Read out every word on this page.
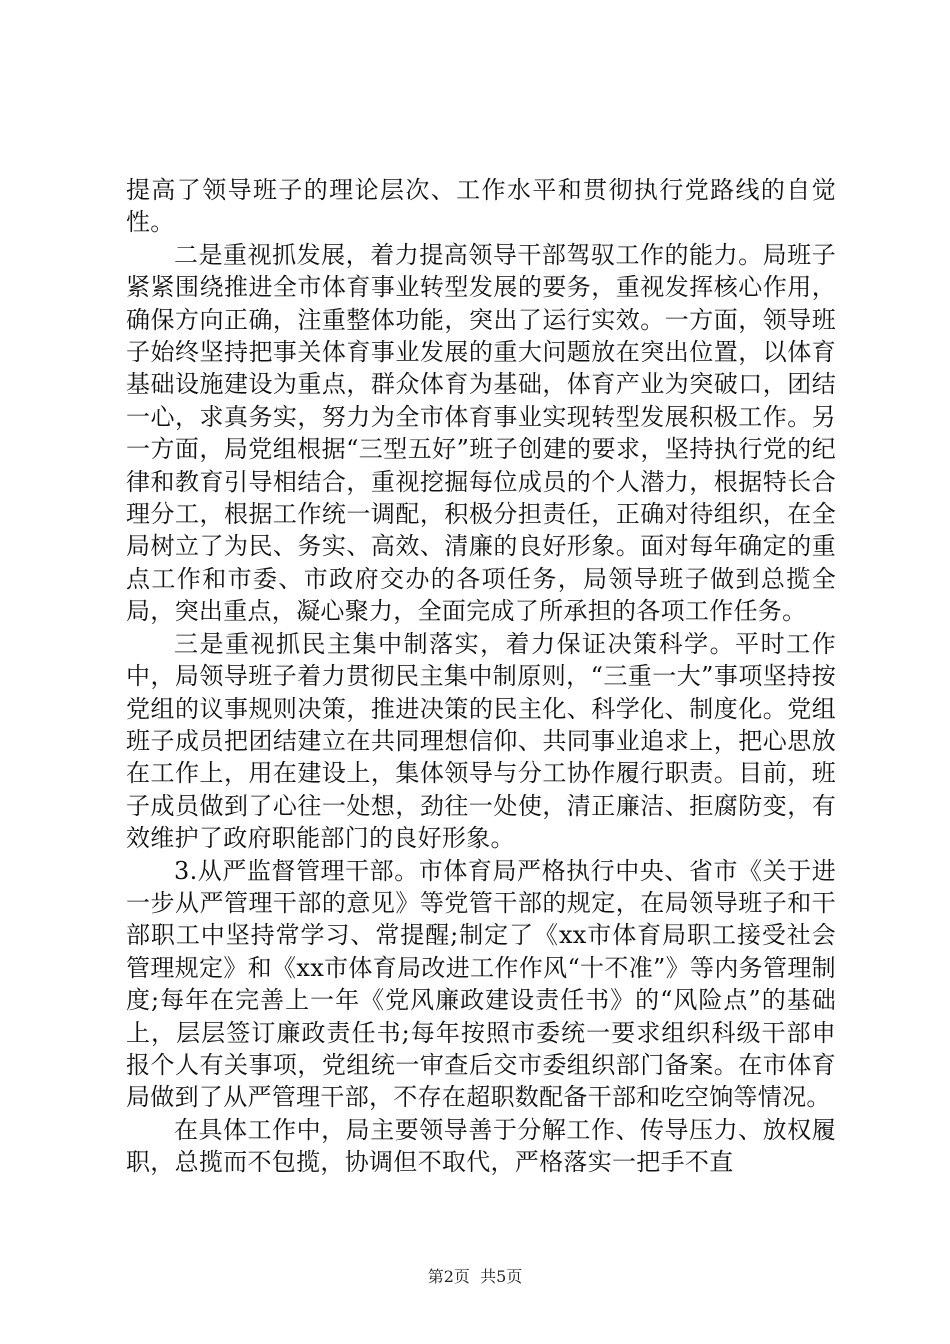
提高了领导班子的理论层次、工作水平和贯彻执行党路线的自觉性。

二是重视抓发展，着力提高领导干部驾驭工作的能力。局班子紧紧围绕推进全市体育事业转型发展的要务，重视发挥核心作用，确保方向正确，注重整体功能，突出了运行实效。一方面，领导班子始终坚持把事关体育事业发展的重大问题放在突出位置，以体育基础设施建设为重点，群众体育为基础，体育产业为突破口，团结一心，求真务实，努力为全市体育事业实现转型发展积极工作。另一方面，局党组根据“三型五好”班子创建的要求，坚持执行党的纪律和教育引导相结合，重视挖掘每位成员的个人潜力，根据特长合理分工，根据工作统一调配，积极分担责任，正确对待组织，在全局树立了为民、务实、高效、清廉的良好形象。面对每年确定的重点工作和市委、市政府交办的各项任务，局领导班子做到总揽全局，突出重点，凝心聚力，全面完成了所承担的各项工作任务。

三是重视抓民主集中制落实，着力保证决策科学。平时工作中，局领导班子着力贯彻民主集中制原则，“三重一大”事项坚持按党组的议事规则决策，推进决策的民主化、科学化、制度化。党组班子成员把团结建立在共同理想信仰、共同事业追求上，把心思放在工作上，用在建设上，集体领导与分工协作履行职责。目前，班子成员做到了心往一处想，劲往一处使，清正廉洁、拒腐防变，有效维护了政府职能部门的良好形象。

3.从严监督管理干部。市体育局严格执行中央、省市《关于进一步从严管理干部的意见》等党管干部的规定，在局领导班子和干部职工中坚持常学习、常提醒;制定了《xx市体育局职工接受社会管理规定》和《xx市体育局改进工作作风“十不准”》等内务管理制度;每年在完善上一年《党风廉政建设责任书》的“风险点”的基础上，层层签订廉政责任书;每年按照市委统一要求组织科级干部申报个人有关事项，党组统一审查后交市委组织部门备案。在市体育局做到了从严管理干部，不存在超职数配备干部和吃空饷等情况。

在具体工作中，局主要领导善于分解工作、传导压力、放权履职，总揽而不包揽，协调但不取代，严格落实一把手不直

第2页  共5页
